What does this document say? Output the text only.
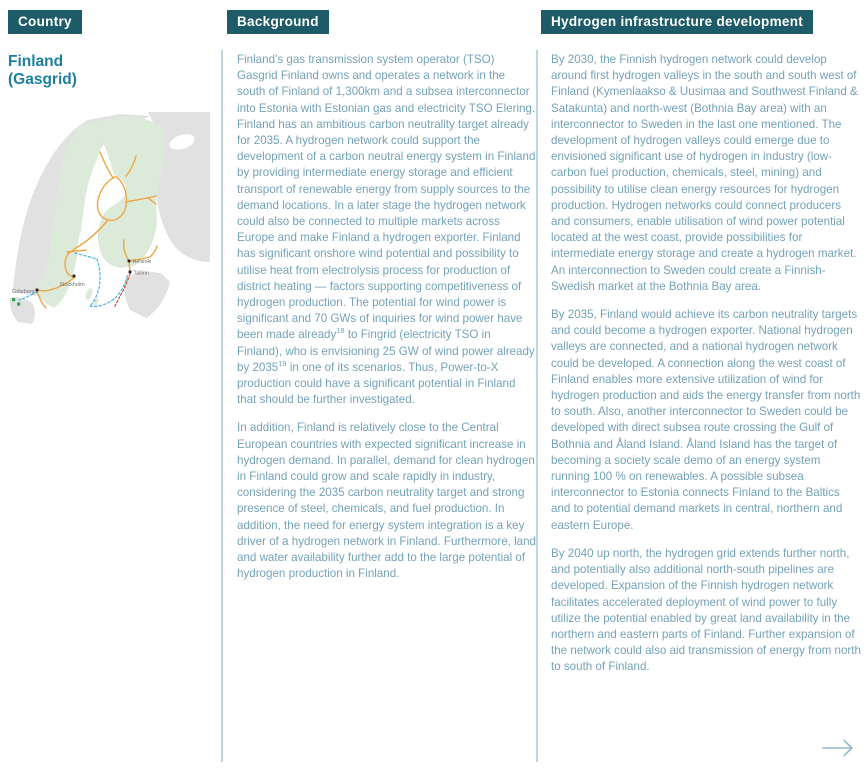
Country
Finland
(Gasgrid)
Göteborg
Stockholm
Helsinki
Tallinn
Background

Finland’s gas transmission system operator (TSO) Gasgrid Finland owns and operates a network in the south of Finland of 1,300km and a subsea interconnector into Estonia with Estonian gas and electricity TSO Elering. Finland has an ambitious carbon neutrality target already for 2035. A hydrogen network could support the development of a carbon neutral energy system in Finland by providing intermediate energy storage and efficient transport of renewable energy from supply sources to the demand locations. In a later stage the hydrogen network could also be connected to multiple markets across Europe and make Finland a hydrogen exporter. Finland has significant onshore wind potential and possibility to utilise heat from electrolysis process for production of district heating — factors supporting competitiveness of hydrogen production. The potential for wind power is significant and 70 GWs of inquiries for wind power have been made already$^{18}$ to Fingrid (electricity TSO in Finland), who is envisioning 25 GW of wind power already by 2035$^{19}$ in one of its scenarios. Thus, Power-to-X production could have a significant potential in Finland that should be further investigated.

In addition, Finland is relatively close to the Central European countries with expected significant increase in hydrogen demand. In parallel, demand for clean hydrogen in Finland could grow and scale rapidly in industry, considering the 2035 carbon neutrality target and strong presence of steel, chemicals, and fuel production. In addition, the need for energy system integration is a key driver of a hydrogen network in Finland. Furthermore, land and water availability further add to the large potential of hydrogen production in Finland.

Hydrogen infrastructure development

By 2030, the Finnish hydrogen network could develop around first hydrogen valleys in the south and south west of Finland (Kymenlaakso & Uusimaa and Southwest Finland & Satakunta) and north-west (Bothnia Bay area) with an interconnector to Sweden in the last one mentioned. The development of hydrogen valleys could emerge due to envisioned significant use of hydrogen in industry (low-carbon fuel production, chemicals, steel, mining) and possibility to utilise clean energy resources for hydrogen production. Hydrogen networks could connect producers and consumers, enable utilisation of wind power potential located at the west coast, provide possibilities for intermediate energy storage and create a hydrogen market. An interconnection to Sweden could create a Finnish-Swedish market at the Bothnia Bay area.

By 2035, Finland would achieve its carbon neutrality targets and could become a hydrogen exporter. National hydrogen valleys are connected, and a national hydrogen network could be developed. A connection along the west coast of Finland enables more extensive utilization of wind for hydrogen production and aids the energy transfer from north to south. Also, another interconnector to Sweden could be developed with direct subsea route crossing the Gulf of Bothnia and Åland Island. Åland Island has the target of becoming a society scale demo of an energy system running 100 % on renewables. A possible subsea interconnector to Estonia connects Finland to the Baltics and to potential demand markets in central, northern and eastern Europe.

By 2040 up north, the hydrogen grid extends further north, and potentially also additional north-south pipelines are developed. Expansion of the Finnish hydrogen network facilitates accelerated deployment of wind power to fully utilize the potential enabled by great land availability in the northern and eastern parts of Finland. Further expansion of the network could also aid transmission of energy from north to south of Finland.
